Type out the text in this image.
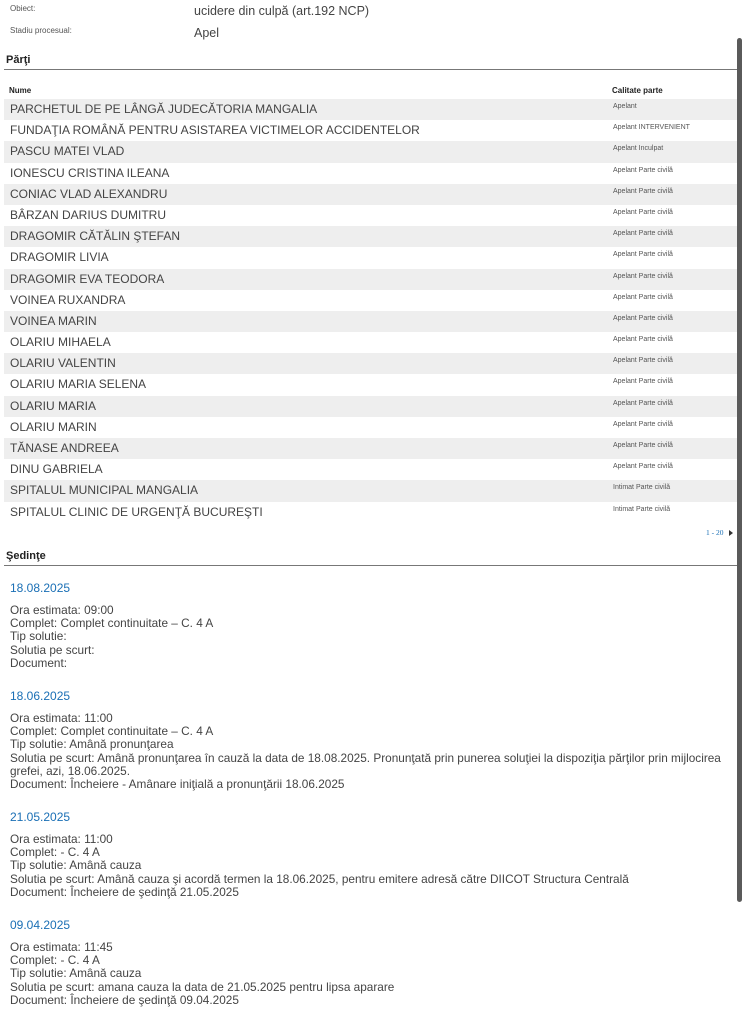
Obiect:	ucidere din culpă (art.192 NCP)
Stadiu procesual:	Apel
Părţi
Nume	Calitate parte
PARCHETUL DE PE LÂNGĂ JUDECĂTORIA MANGALIA	Apelant
FUNDAŢIA ROMÂNĂ PENTRU ASISTAREA VICTIMELOR ACCIDENTELOR	Apelant INTERVENIENT
PASCU MATEI VLAD	Apelant Inculpat
IONESCU CRISTINA ILEANA	Apelant Parte civilă
CONIAC VLAD ALEXANDRU	Apelant Parte civilă
BÂRZAN DARIUS DUMITRU	Apelant Parte civilă
DRAGOMIR CĂTĂLIN ŞTEFAN	Apelant Parte civilă
DRAGOMIR LIVIA	Apelant Parte civilă
DRAGOMIR EVA TEODORA	Apelant Parte civilă
VOINEA RUXANDRA	Apelant Parte civilă
VOINEA MARIN	Apelant Parte civilă
OLARIU MIHAELA	Apelant Parte civilă
OLARIU VALENTIN	Apelant Parte civilă
OLARIU MARIA SELENA	Apelant Parte civilă
OLARIU MARIA	Apelant Parte civilă
OLARIU MARIN	Apelant Parte civilă
TĂNASE ANDREEA	Apelant Parte civilă
DINU GABRIELA	Apelant Parte civilă
SPITALUL MUNICIPAL MANGALIA	Intimat Parte civilă
SPITALUL CLINIC DE URGENŢĂ BUCUREŞTI	Intimat Parte civilă
1 - 20
Şedinţe
18.08.2025
Ora estimata: 09:00
Complet: Complet continuitate – C. 4 A
Tip solutie:
Solutia pe scurt:
Document:
18.06.2025
Ora estimata: 11:00
Complet: Complet continuitate – C. 4 A
Tip solutie: Amână pronunţarea
Solutia pe scurt: Amână pronunţarea în cauză la data de 18.08.2025. Pronunţată prin punerea soluţiei la dispoziţia părţilor prin mijlocirea grefei, azi, 18.06.2025.
Document: Încheiere - Amânare iniţială a pronunţării 18.06.2025
21.05.2025
Ora estimata: 11:00
Complet: - C. 4 A
Tip solutie: Amână cauza
Solutia pe scurt: Amână cauza şi acordă termen la 18.06.2025, pentru emitere adresă către DIICOT Structura Centrală
Document: Încheiere de şedinţă 21.05.2025
09.04.2025
Ora estimata: 11:45
Complet: - C. 4 A
Tip solutie: Amână cauza
Solutia pe scurt: amana cauza la data de 21.05.2025 pentru lipsa aparare
Document: Încheiere de şedinţă 09.04.2025
